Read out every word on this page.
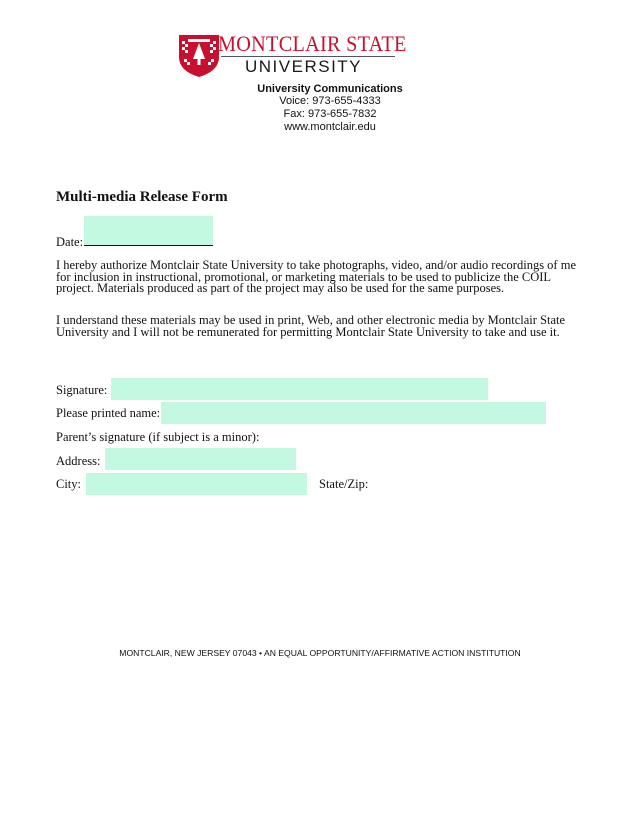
MONTCLAIR STATE
UNIVERSITY
University Communications
Voice: 973-655-4333
Fax: 973-655-7832
www.montclair.edu
Multi-media Release Form
Date:
I hereby authorize Montclair State University to take photographs, video, and/or audio recordings of me for inclusion in instructional, promotional, or marketing materials to be used to publicize the COIL project. Materials produced as part of the project may also be used for the same purposes.
I understand these materials may be used in print, Web, and other electronic media by Montclair State University and I will not be remunerated for permitting Montclair State University to take and use it.
Signature:
Please printed name:
Parent’s signature (if subject is a minor):
Address:
City:	State/Zip:
MONTCLAIR, NEW JERSEY 07043 • AN EQUAL OPPORTUNITY/AFFIRMATIVE ACTION INSTITUTION
